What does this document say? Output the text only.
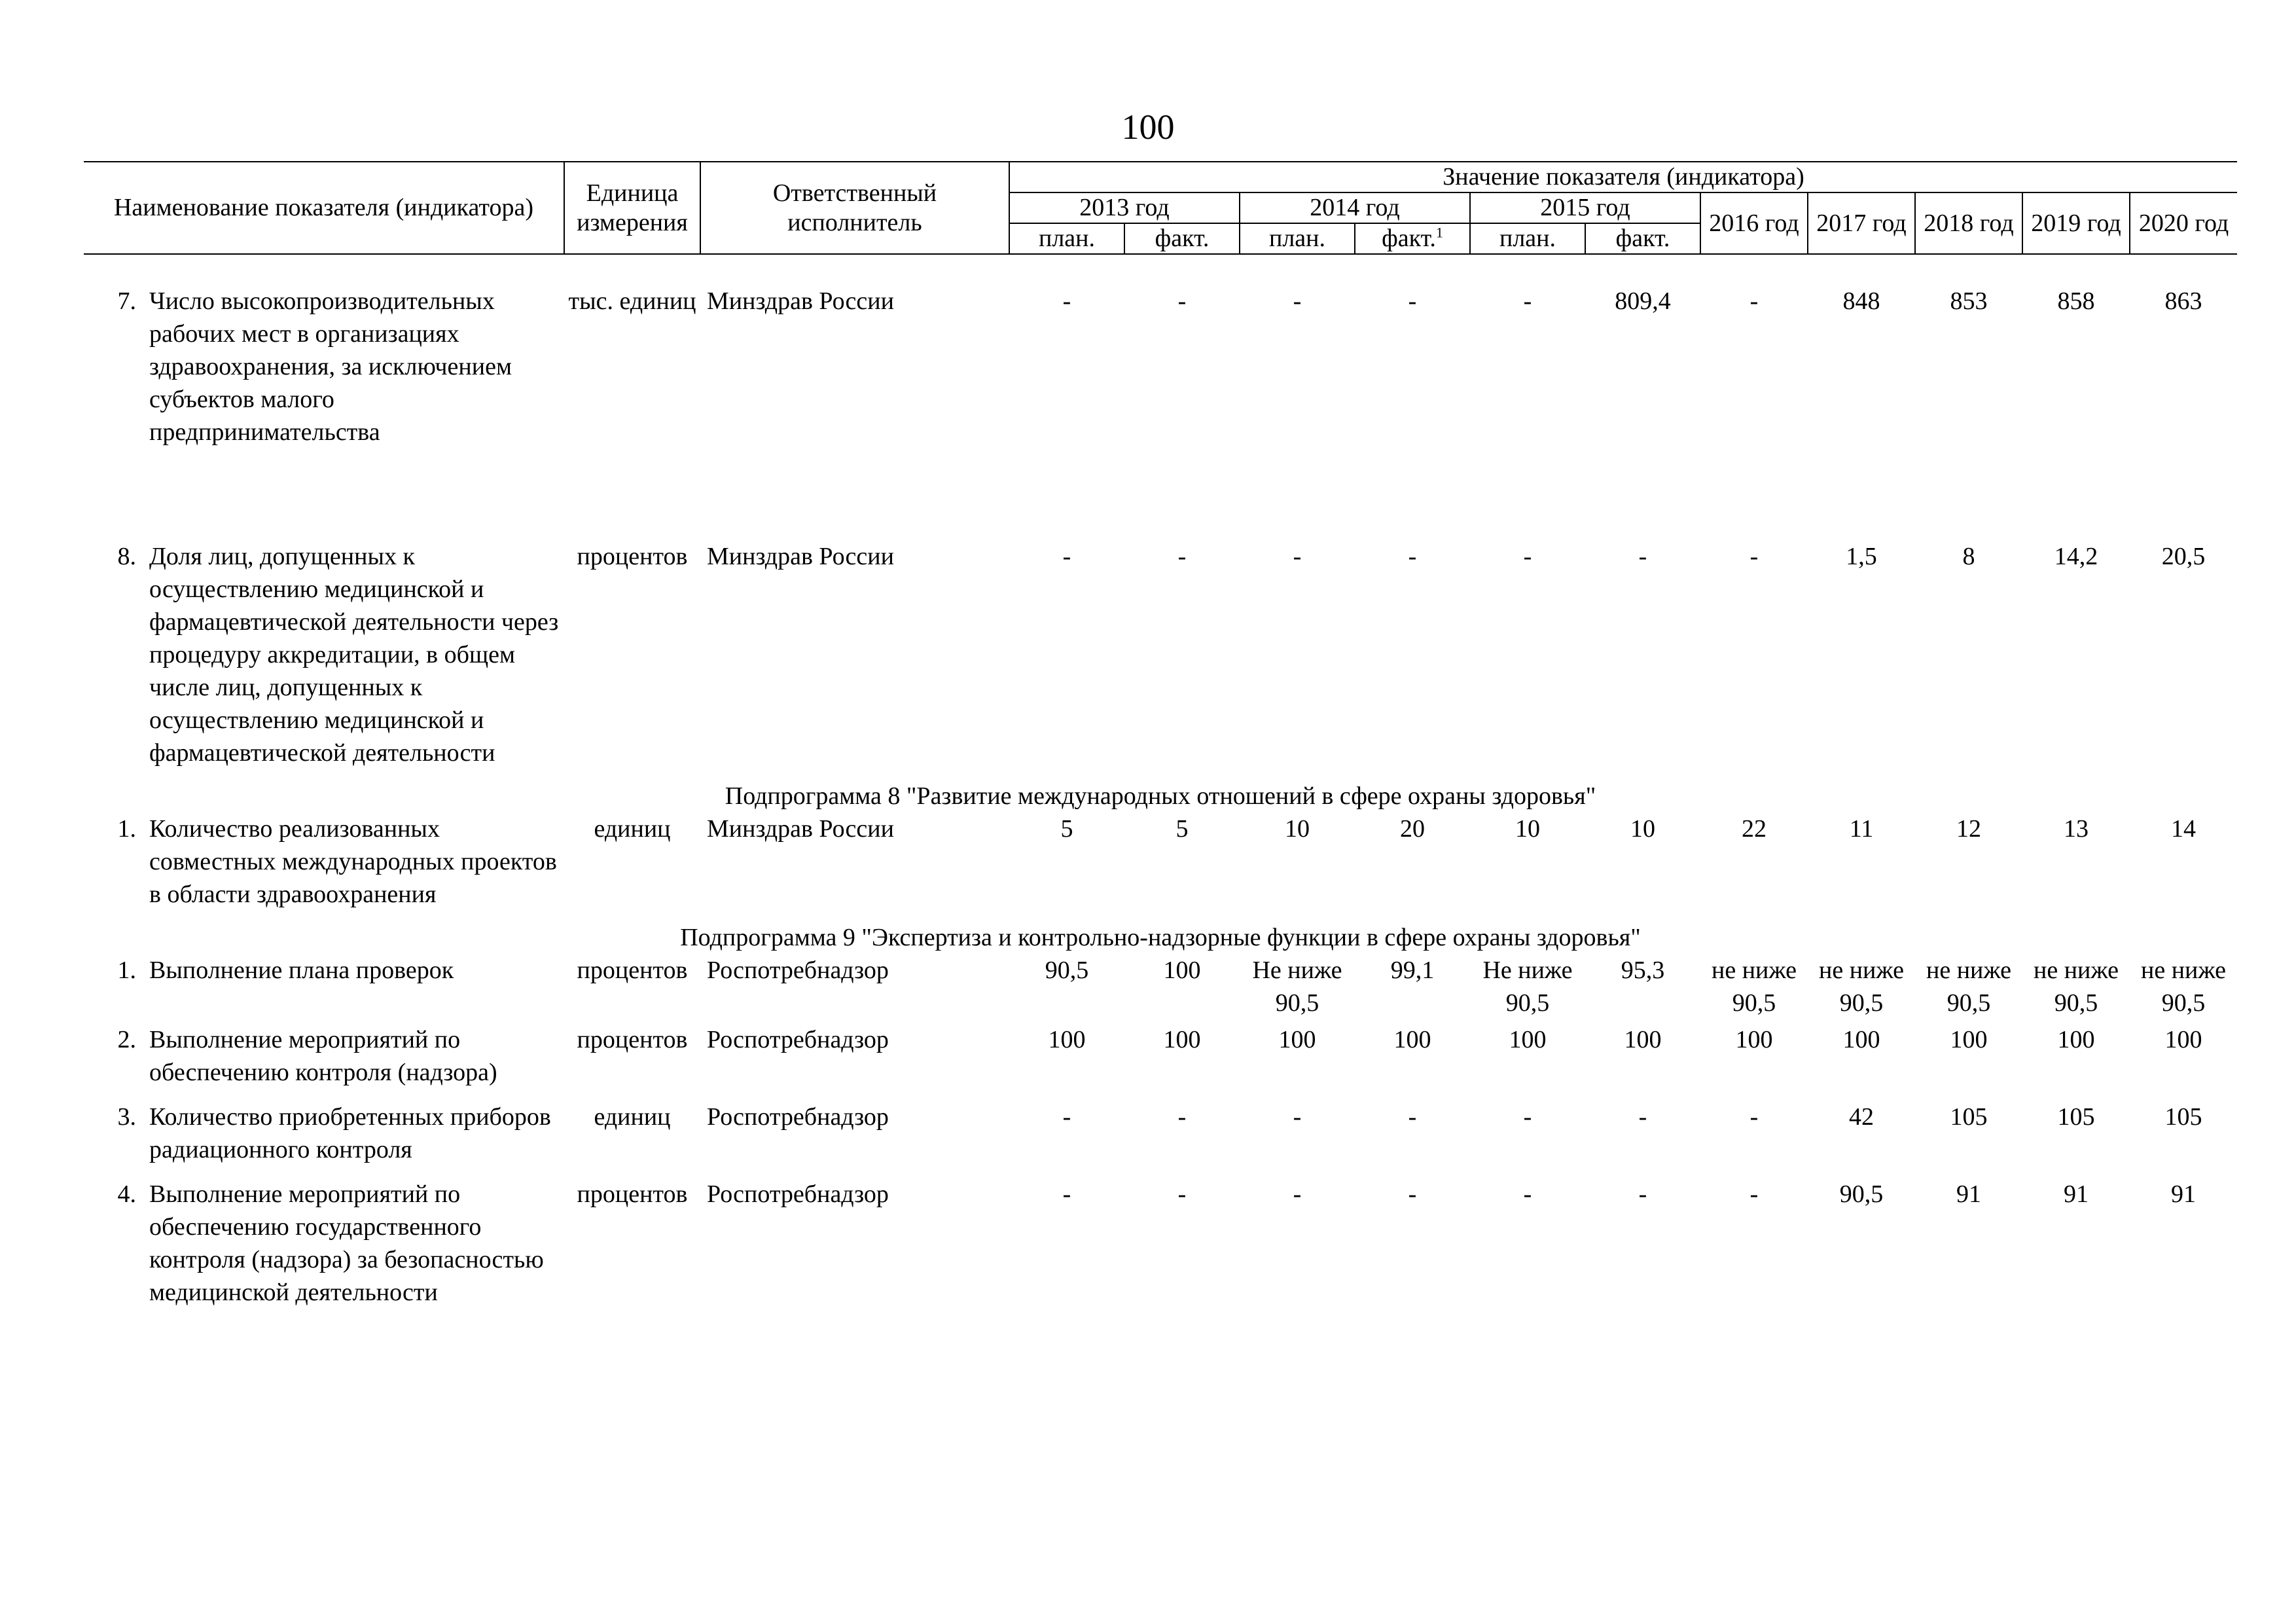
100
Наименование показателя (индикатора)		Единица измерения	Ответственный исполнитель	Значение показателя (индикатора)										
				2013 год		2014 год		2015 год		2016 год	2017 год	2018 год	2019 год	2020 год
				план.	факт.	план.	факт.$^1$	план.	факт.					
7.	Число высокопроизводительных рабочих мест в организациях здравоохранения, за исключением субъектов малого предпринимательства	тыс. единиц	Минздрав России	-	-	-	-	-	809,4	-	848	853	858	863
8.	Доля лиц, допущенных к осуществлению медицинской и фармацевтической деятельности через процедуру аккредитации, в общем числе лиц, допущенных к осуществлению медицинской и фармацевтической деятельности	процентов	Минздрав России	-	-	-	-	-	-	-	1,5	8	14,2	20,5
Подпрограмма 8 "Развитие международных отношений в сфере охраны здоровья"														
1.	Количество реализованных совместных международных проектов в области здравоохранения	единиц	Минздрав России	5	5	10	20	10	10	22	11	12	13	14
Подпрограмма 9 "Экспертиза и контрольно-надзорные функции в сфере охраны здоровья"														
1.	Выполнение плана проверок	процентов	Роспотребнадзор	90,5	100	Не ниже 90,5	99,1	Не ниже 90,5	95,3	не ниже 90,5	не ниже 90,5	не ниже 90,5	не ниже 90,5	не ниже 90,5
2.	Выполнение мероприятий по обеспечению контроля (надзора)	процентов	Роспотребнадзор	100	100	100	100	100	100	100	100	100	100	100
3.	Количество приобретенных приборов радиационного контроля	единиц	Роспотребнадзор	-	-	-	-	-	-	-	42	105	105	105
4.	Выполнение мероприятий по обеспечению государственного контроля (надзора) за безопасностью медицинской деятельности	процентов	Роспотребнадзор	-	-	-	-	-	-	-	90,5	91	91	91
